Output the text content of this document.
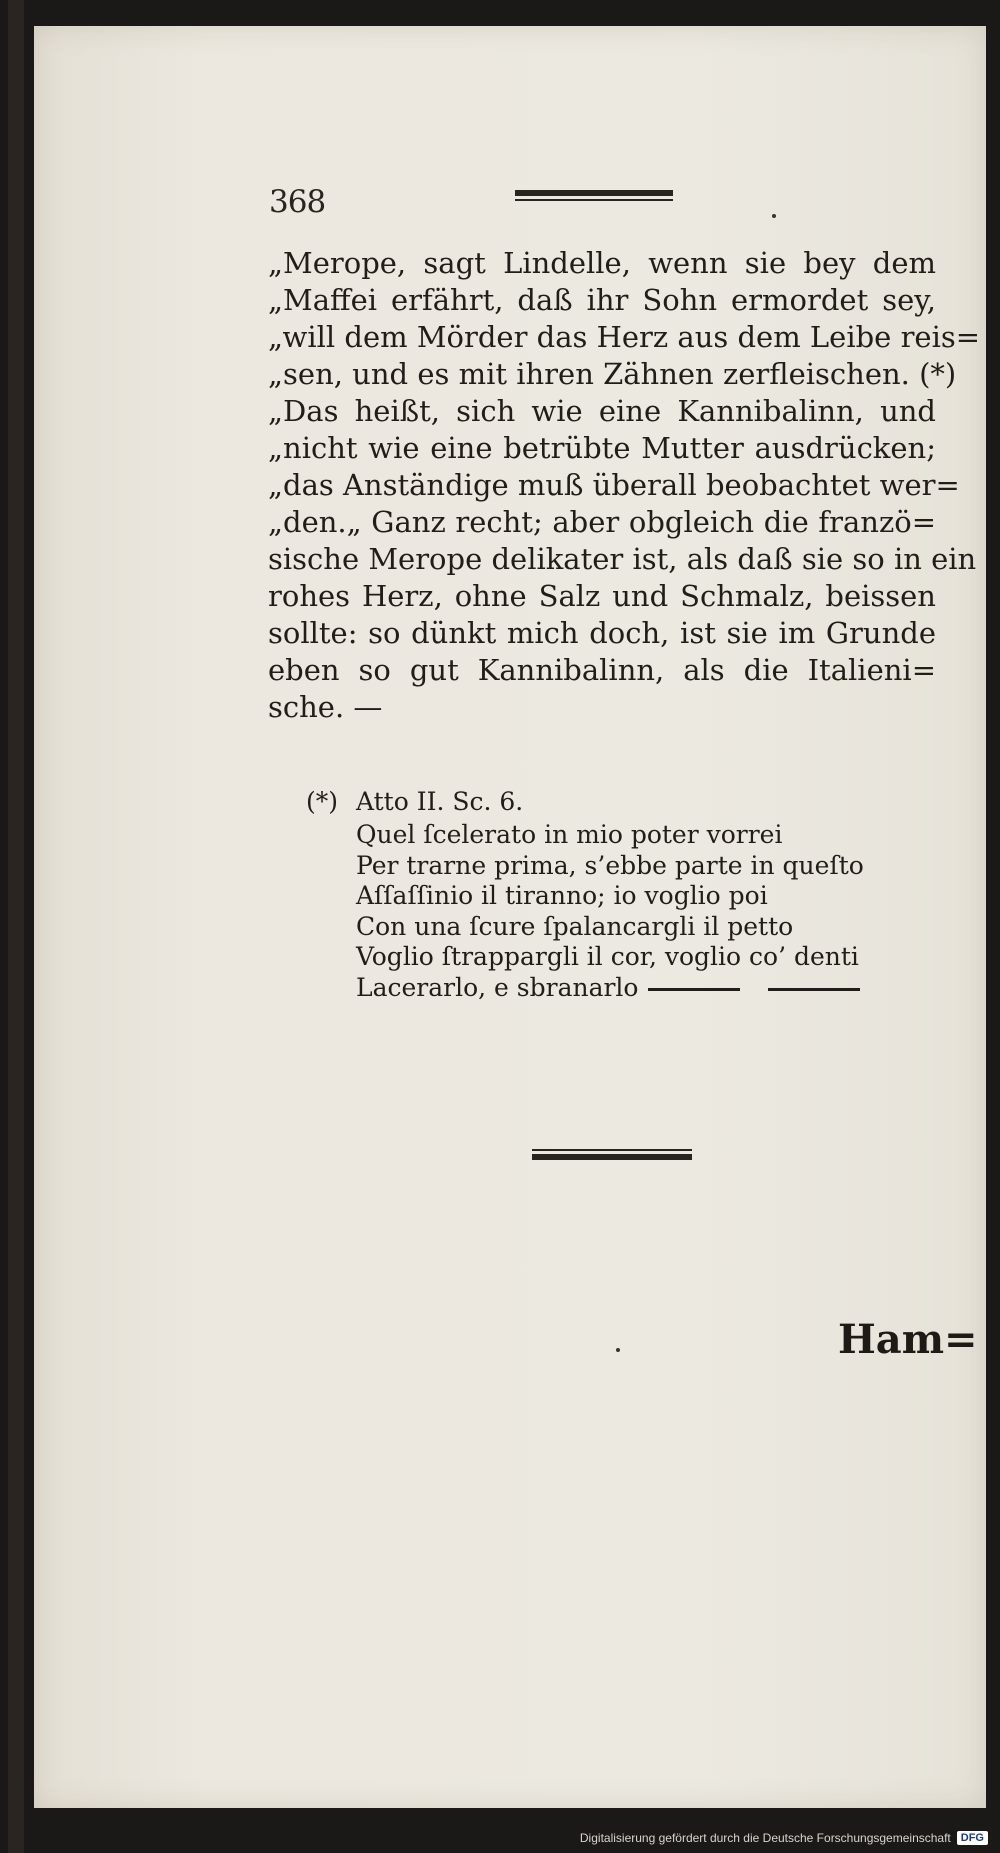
368
„Merope, sagt Lindelle, wenn sie bey dem
„Maffei erfährt, daß ihr Sohn ermordet sey,
„will dem Mörder das Herz aus dem Leibe reis=
„sen, und es mit ihren Zähnen zerfleischen. (*)
„Das heißt, sich wie eine Kannibalinn, und
„nicht wie eine betrübte Mutter ausdrücken;
„das Anständige muß überall beobachtet wer=
„den.„ Ganz recht; aber obgleich die franzö=
sische Merope delikater ist, als daß sie so in ein
rohes Herz, ohne Salz und Schmalz, beissen
sollte: so dünkt mich doch, ist sie im Grunde
eben so gut Kannibalinn, als die Italieni=
sche. —
(*) Atto II. Sc. 6.
Quel ſcelerato in mio poter vorrei
Per trarne prima, s’ebbe parte in queſto
Aſſaſſinio il tiranno; io voglio poi
Con una ſcure ſpalancargli il petto
Voglio ſtrappargli il cor, voglio co’ denti
Lacerarlo, e sbranarlo
Ham=
Digitalisierung gefördert durch die Deutsche Forschungsgemeinschaft DFG
